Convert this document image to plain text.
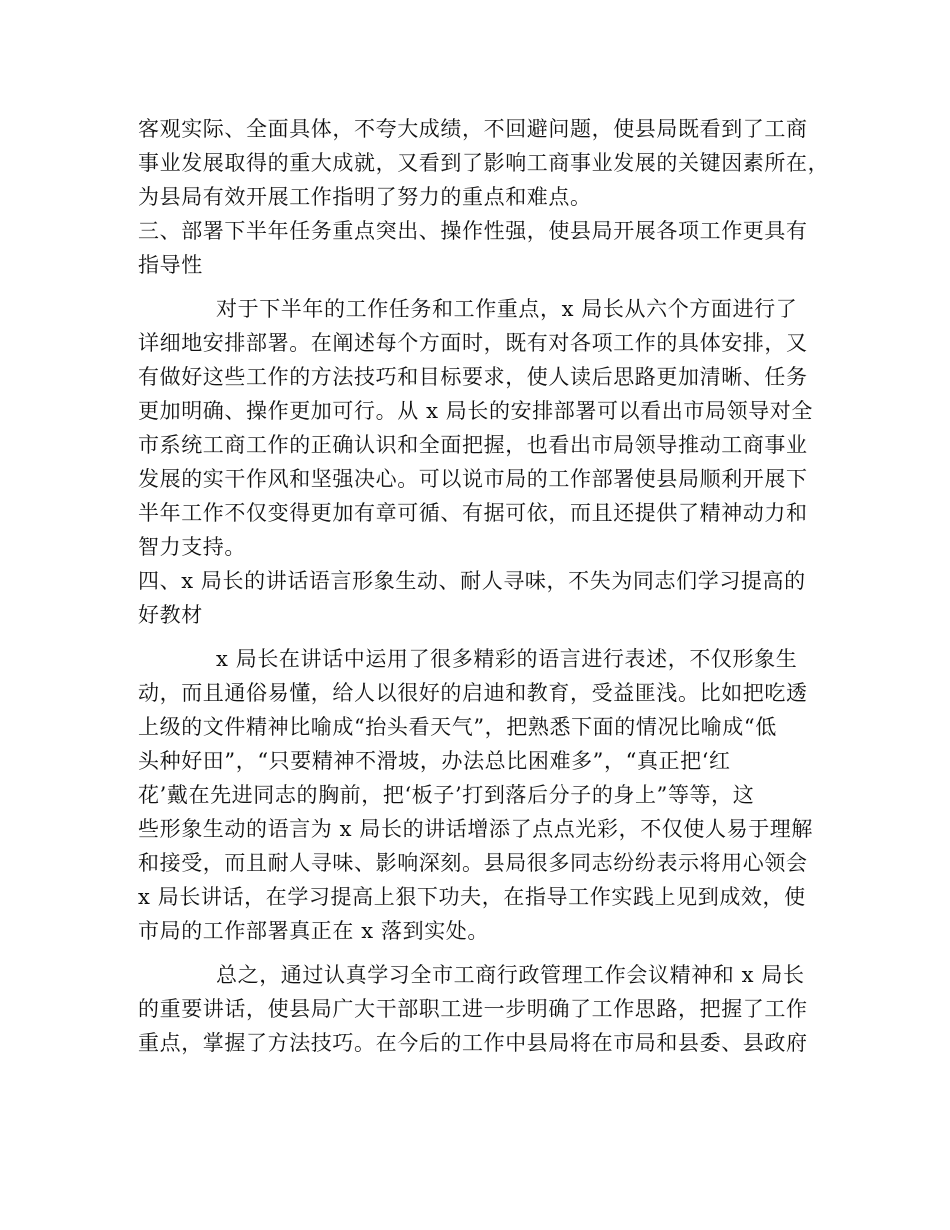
客观实际、全面具体，不夸大成绩，不回避问题，使县局既看到了工商
事业发展取得的重大成就，又看到了影响工商事业发展的关键因素所在，
为县局有效开展工作指明了努力的重点和难点。
三、部署下半年任务重点突出、操作性强，使县局开展各项工作更具有
指导性
对于下半年的工作任务和工作重点，x 局长从六个方面进行了
详细地安排部署。在阐述每个方面时，既有对各项工作的具体安排，又
有做好这些工作的方法技巧和目标要求，使人读后思路更加清晰、任务
更加明确、操作更加可行。从 x 局长的安排部署可以看出市局领导对全
市系统工商工作的正确认识和全面把握，也看出市局领导推动工商事业
发展的实干作风和坚强决心。可以说市局的工作部署使县局顺利开展下
半年工作不仅变得更加有章可循、有据可依，而且还提供了精神动力和
智力支持。
四、x 局长的讲话语言形象生动、耐人寻味，不失为同志们学习提高的
好教材
x 局长在讲话中运用了很多精彩的语言进行表述，不仅形象生
动，而且通俗易懂，给人以很好的启迪和教育，受益匪浅。比如把吃透
上级的文件精神比喻成“抬头看天气”，把熟悉下面的情况比喻成“低
头种好田”，“只要精神不滑坡，办法总比困难多”，“真正把‘红
花’戴在先进同志的胸前，把‘板子’打到落后分子的身上”等等，这
些形象生动的语言为 x 局长的讲话增添了点点光彩，不仅使人易于理解
和接受，而且耐人寻味、影响深刻。县局很多同志纷纷表示将用心领会
x 局长讲话，在学习提高上狠下功夫，在指导工作实践上见到成效，使
市局的工作部署真正在 x 落到实处。
总之，通过认真学习全市工商行政管理工作会议精神和 x 局长
的重要讲话，使县局广大干部职工进一步明确了工作思路，把握了工作
重点，掌握了方法技巧。在今后的工作中县局将在市局和县委、县政府
